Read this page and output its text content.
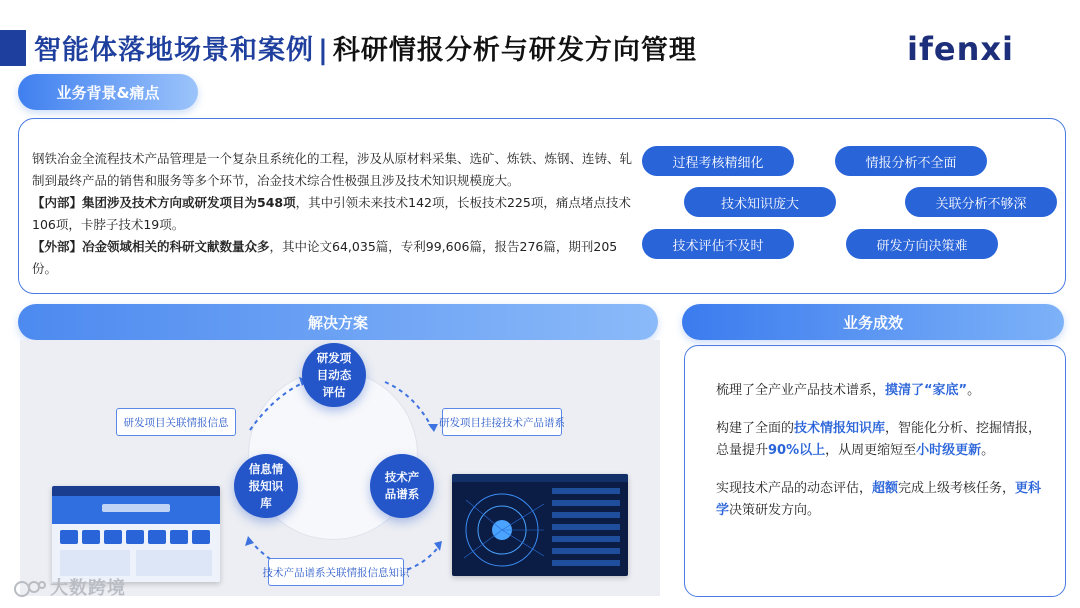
智能体落地场景和案例 | 科研情报分析与研发方向管理	ifenxi
业务背景&痛点

钢铁冶金全流程技术产品管理是一个复杂且系统化的工程，涉及从原材料采集、选矿、炼铁、炼钢、连铸、轧制到最终产品的销售和服务等多个环节，冶金技术综合性极强且涉及技术知识规模庞大。

【内部】集团涉及技术方向或研发项目为548项，其中引领未来技术142项，长板技术225项，痛点堵点技术106项，卡脖子技术19项。

【外部】冶金领域相关的科研文献数量众多，其中论文64,035篇，专利99,606篇，报告276篇，期刊205份。

过程考核精细化	情报分析不全面
技术知识庞大	关联分析不够深
技术评估不及时	研发方向决策难
解决方案
研发项目动态评估
技术产品谱系
信息情报知识库
研发项目关联情报信息	研发项目挂接技术产品谱系
技术产品谱系关联情报信息知识
业务成效

梳理了全产业产品技术谱系，摸清了“家底”。

构建了全面的技术情报知识库，智能化分析、挖掘情报，总量提升90%以上，从周更缩短至小时级更新。

实现技术产品的动态评估，超额完成上级考核任务，更科学决策研发方向。

大数跨境
